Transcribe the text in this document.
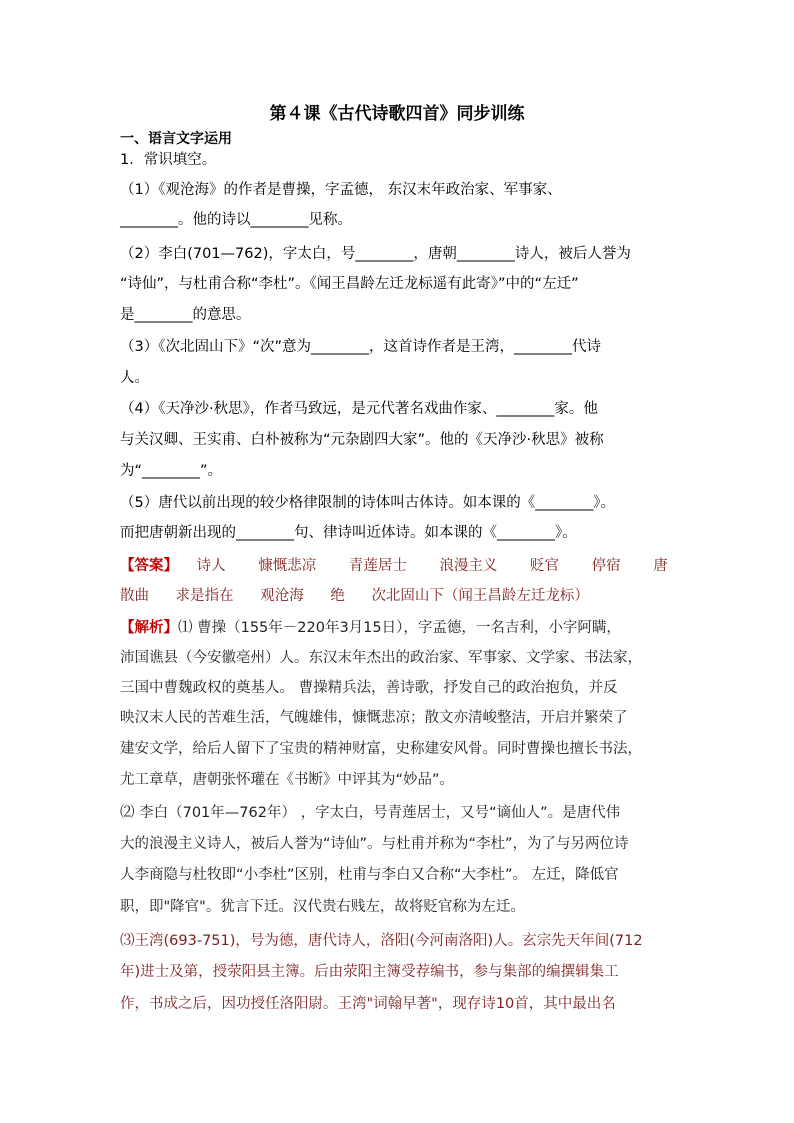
第４课《古代诗歌四首》同步训练
一、语言文字运用
1．常识填空。
（1）《观沧海》的作者是曹操，字孟德， 东汉末年政治家、军事家、
________。他的诗以________见称。
（2）李白(701—762)，字太白，号________，唐朝________诗人，被后人誉为
“诗仙”，与杜甫合称“李杜”。《闻王昌龄左迁龙标遥有此寄》”中的“左迁”
是________的意思。
（3）《次北固山下》“次”意为________，这首诗作者是王湾，________代诗
人。
（4）《天净沙·秋思》，作者马致远，是元代著名戏曲作家、________家。他
与关汉卿、王实甫、白朴被称为“元杂剧四大家”。他的《天净沙·秋思》被称
为“________”。
（5）唐代以前出现的较少格律限制的诗体叫古体诗。如本课的《________》。
而把唐朝新出现的________句、律诗叫近体诗。如本课的《________》。
【答案】 诗人 慷慨悲凉 青莲居士 浪漫主义 贬官 停宿 唐
散曲 求是指在 观沧海 绝 次北固山下（闻王昌龄左迁龙标）
【解析】⑴ 曹操（155年－220年3月15日），字孟德，一名吉利，小字阿瞒，
沛国谯县（今安徽亳州）人。东汉末年杰出的政治家、军事家、文学家、书法家，
三国中曹魏政权的奠基人。 曹操精兵法，善诗歌，抒发自己的政治抱负，并反
映汉末人民的苦难生活，气魄雄伟，慷慨悲凉；散文亦清峻整洁，开启并繁荣了
建安文学，给后人留下了宝贵的精神财富，史称建安风骨。同时曹操也擅长书法，
尤工章草，唐朝张怀瓘在《书断》中评其为“妙品”。
⑵ 李白（701年—762年） ，字太白，号青莲居士，又号“谪仙人”。是唐代伟
大的浪漫主义诗人，被后人誉为“诗仙”。与杜甫并称为“李杜”，为了与另两位诗
人李商隐与杜牧即“小李杜”区别，杜甫与李白又合称“大李杜”。 左迁，降低官
职，即"降官"。犹言下迁。汉代贵右贱左，故将贬官称为左迁。
⑶王湾(693-751)，号为德，唐代诗人，洛阳(今河南洛阳)人。玄宗先天年间(712
年)进士及第，授荥阳县主簿。后由荥阳主簿受荐编书，参与集部的编撰辑集工
作，书成之后，因功授任洛阳尉。王湾"词翰早著"，现存诗10首，其中最出名
